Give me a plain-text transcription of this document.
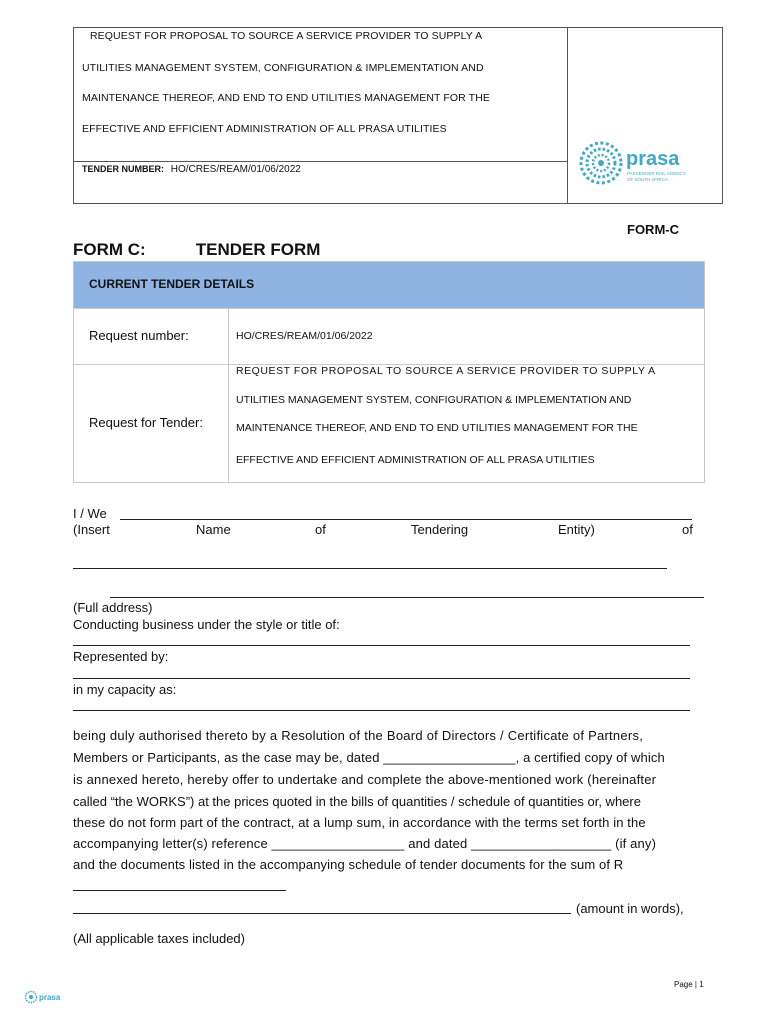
REQUEST FOR PROPOSAL TO SOURCE A SERVICE PROVIDER TO SUPPLY A
UTILITIES MANAGEMENT SYSTEM, CONFIGURATION & IMPLEMENTATION AND
MAINTENANCE THEREOF, AND END TO END UTILITIES MANAGEMENT FOR THE
EFFECTIVE AND EFFICIENT ADMINISTRATION OF ALL PRASA UTILITIES
TENDER NUMBER: HO/CRES/REAM/01/06/2022	prasa
PASSENGER RAIL AGENCY
OF SOUTH AFRICA
FORM-C
FORM C:	TENDER FORM
CURRENT TENDER DETAILS
Request number:	HO/CRES/REAM/01/06/2022
Request for Tender:
REQUEST FOR PROPOSAL TO SOURCE A SERVICE PROVIDER TO SUPPLY A
UTILITIES MANAGEMENT SYSTEM, CONFIGURATION & IMPLEMENTATION AND
MAINTENANCE THEREOF, AND END TO END UTILITIES MANAGEMENT FOR THE
EFFECTIVE AND EFFICIENT ADMINISTRATION OF ALL PRASA UTILITIES
I / We
(Insert	Name	of	Tendering	Entity)	of
(Full address)
Conducting business under the style or title of:
Represented by:
in my capacity as:
being duly authorised thereto by a Resolution of the Board of Directors / Certificate of Partners,
Members or Participants, as the case may be, dated __________________, a certified copy of which
is annexed hereto, hereby offer to undertake and complete the above-mentioned work (hereinafter
called “the WORKS”) at the prices quoted in the bills of quantities / schedule of quantities or, where
these do not form part of the contract, at a lump sum, in accordance with the terms set forth in the
accompanying letter(s) reference __________________ and dated ___________________ (if any)
and the documents listed in the accompanying schedule of tender documents for the sum of R
(amount in words),
(All applicable taxes included)
Page | 1
prasa
